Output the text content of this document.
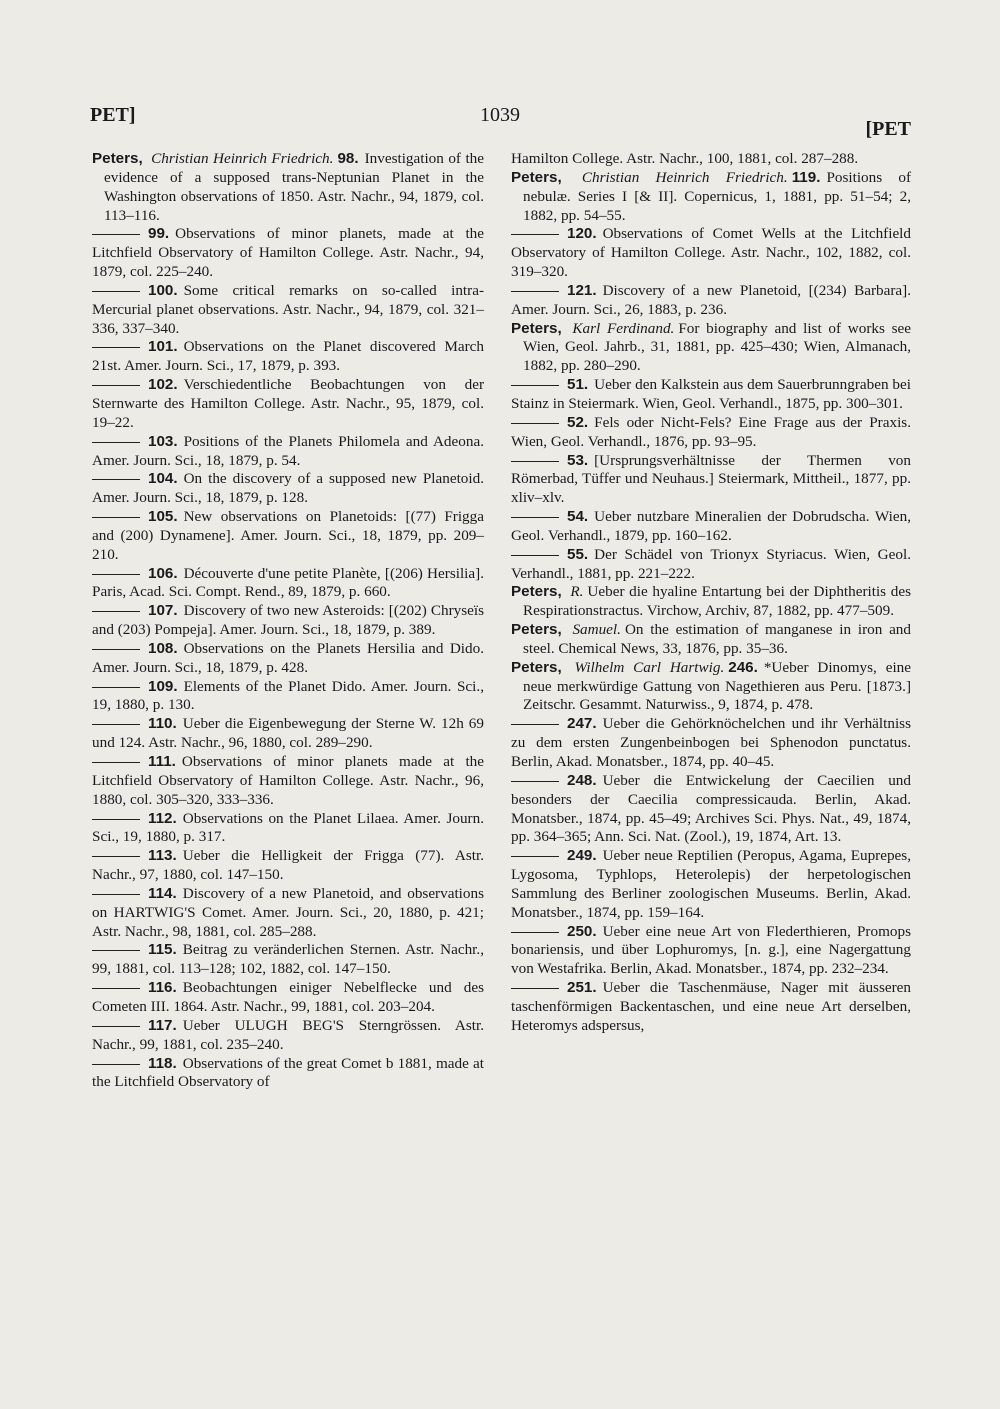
PET]	1039
[PET

Peters, Christian Heinrich Friedrich. 98. Investigation of the evidence of a supposed trans-Neptunian Planet in the Washington observations of 1850. Astr. Nachr., 94, 1879, col. 113–116.

99. Observations of minor planets, made at the Litchfield Observatory of Hamilton College. Astr. Nachr., 94, 1879, col. 225–240.

100. Some critical remarks on so-called intra-Mercurial planet observations. Astr. Nachr., 94, 1879, col. 321–336, 337–340.

101. Observations on the Planet discovered March 21st. Amer. Journ. Sci., 17, 1879, p. 393.

102. Verschiedentliche Beobachtungen von der Sternwarte des Hamilton College. Astr. Nachr., 95, 1879, col. 19–22.

103. Positions of the Planets Philomela and Adeona. Amer. Journ. Sci., 18, 1879, p. 54.

104. On the discovery of a supposed new Planetoid. Amer. Journ. Sci., 18, 1879, p. 128.

105. New observations on Planetoids: [(77) Frigga and (200) Dynamene]. Amer. Journ. Sci., 18, 1879, pp. 209–210.

106. Découverte d'une petite Planète, [(206) Hersilia]. Paris, Acad. Sci. Compt. Rend., 89, 1879, p. 660.

107. Discovery of two new Asteroids: [(202) Chryseïs and (203) Pompeja]. Amer. Journ. Sci., 18, 1879, p. 389.

108. Observations on the Planets Hersilia and Dido. Amer. Journ. Sci., 18, 1879, p. 428.

109. Elements of the Planet Dido. Amer. Journ. Sci., 19, 1880, p. 130.

110. Ueber die Eigenbewegung der Sterne W. 12h 69 und 124. Astr. Nachr., 96, 1880, col. 289–290.

111. Observations of minor planets made at the Litchfield Observatory of Hamilton College. Astr. Nachr., 96, 1880, col. 305–320, 333–336.

112. Observations on the Planet Lilaea. Amer. Journ. Sci., 19, 1880, p. 317.

113. Ueber die Helligkeit der Frigga (77). Astr. Nachr., 97, 1880, col. 147–150.

114. Discovery of a new Planetoid, and observations on HARTWIG'S Comet. Amer. Journ. Sci., 20, 1880, p. 421; Astr. Nachr., 98, 1881, col. 285–288.

115. Beitrag zu veränderlichen Sternen. Astr. Nachr., 99, 1881, col. 113–128; 102, 1882, col. 147–150.

116. Beobachtungen einiger Nebelflecke und des Cometen III. 1864. Astr. Nachr., 99, 1881, col. 203–204.

117. Ueber ULUGH BEG'S Sterngrössen. Astr. Nachr., 99, 1881, col. 235–240.

118. Observations of the great Comet b 1881, made at the Litchfield Observatory of

Hamilton College. Astr. Nachr., 100, 1881, col. 287–288.

Peters, Christian Heinrich Friedrich. 119. Positions of nebulæ. Series I [& II]. Copernicus, 1, 1881, pp. 51–54; 2, 1882, pp. 54–55.

120. Observations of Comet Wells at the Litchfield Observatory of Hamilton College. Astr. Nachr., 102, 1882, col. 319–320.

121. Discovery of a new Planetoid, [(234) Barbara]. Amer. Journ. Sci., 26, 1883, p. 236.

Peters, Karl Ferdinand. For biography and list of works see Wien, Geol. Jahrb., 31, 1881, pp. 425–430; Wien, Almanach, 1882, pp. 280–290.

51. Ueber den Kalkstein aus dem Sauerbrunngraben bei Stainz in Steiermark. Wien, Geol. Verhandl., 1875, pp. 300–301.

52. Fels oder Nicht-Fels? Eine Frage aus der Praxis. Wien, Geol. Verhandl., 1876, pp. 93–95.

53. [Ursprungsverhältnisse der Thermen von Römerbad, Tüffer und Neuhaus.] Steiermark, Mittheil., 1877, pp. xliv–xlv.

54. Ueber nutzbare Mineralien der Dobrudscha. Wien, Geol. Verhandl., 1879, pp. 160–162.

55. Der Schädel von Trionyx Styriacus. Wien, Geol. Verhandl., 1881, pp. 221–222.

Peters, R. Ueber die hyaline Entartung bei der Diphtheritis des Respirationstractus. Virchow, Archiv, 87, 1882, pp. 477–509.

Peters, Samuel. On the estimation of manganese in iron and steel. Chemical News, 33, 1876, pp. 35–36.

Peters, Wilhelm Carl Hartwig. 246. *Ueber Dinomys, eine neue merkwürdige Gattung von Nagethieren aus Peru. [1873.] Zeitschr. Gesammt. Naturwiss., 9, 1874, p. 478.

247. Ueber die Gehörknöchelchen und ihr Verhältniss zu dem ersten Zungenbeinbogen bei Sphenodon punctatus. Berlin, Akad. Monatsber., 1874, pp. 40–45.

248. Ueber die Entwickelung der Caecilien und besonders der Caecilia compressicauda. Berlin, Akad. Monatsber., 1874, pp. 45–49; Archives Sci. Phys. Nat., 49, 1874, pp. 364–365; Ann. Sci. Nat. (Zool.), 19, 1874, Art. 13.

249. Ueber neue Reptilien (Peropus, Agama, Euprepes, Lygosoma, Typhlops, Heterolepis) der herpetologischen Sammlung des Berliner zoologischen Museums. Berlin, Akad. Monatsber., 1874, pp. 159–164.

250. Ueber eine neue Art von Flederthieren, Promops bonariensis, und über Lophuromys, [n. g.], eine Nagergattung von Westafrika. Berlin, Akad. Monatsber., 1874, pp. 232–234.

251. Ueber die Taschenmäuse, Nager mit äusseren taschenförmigen Backentaschen, und eine neue Art derselben, Heteromys adspersus,
